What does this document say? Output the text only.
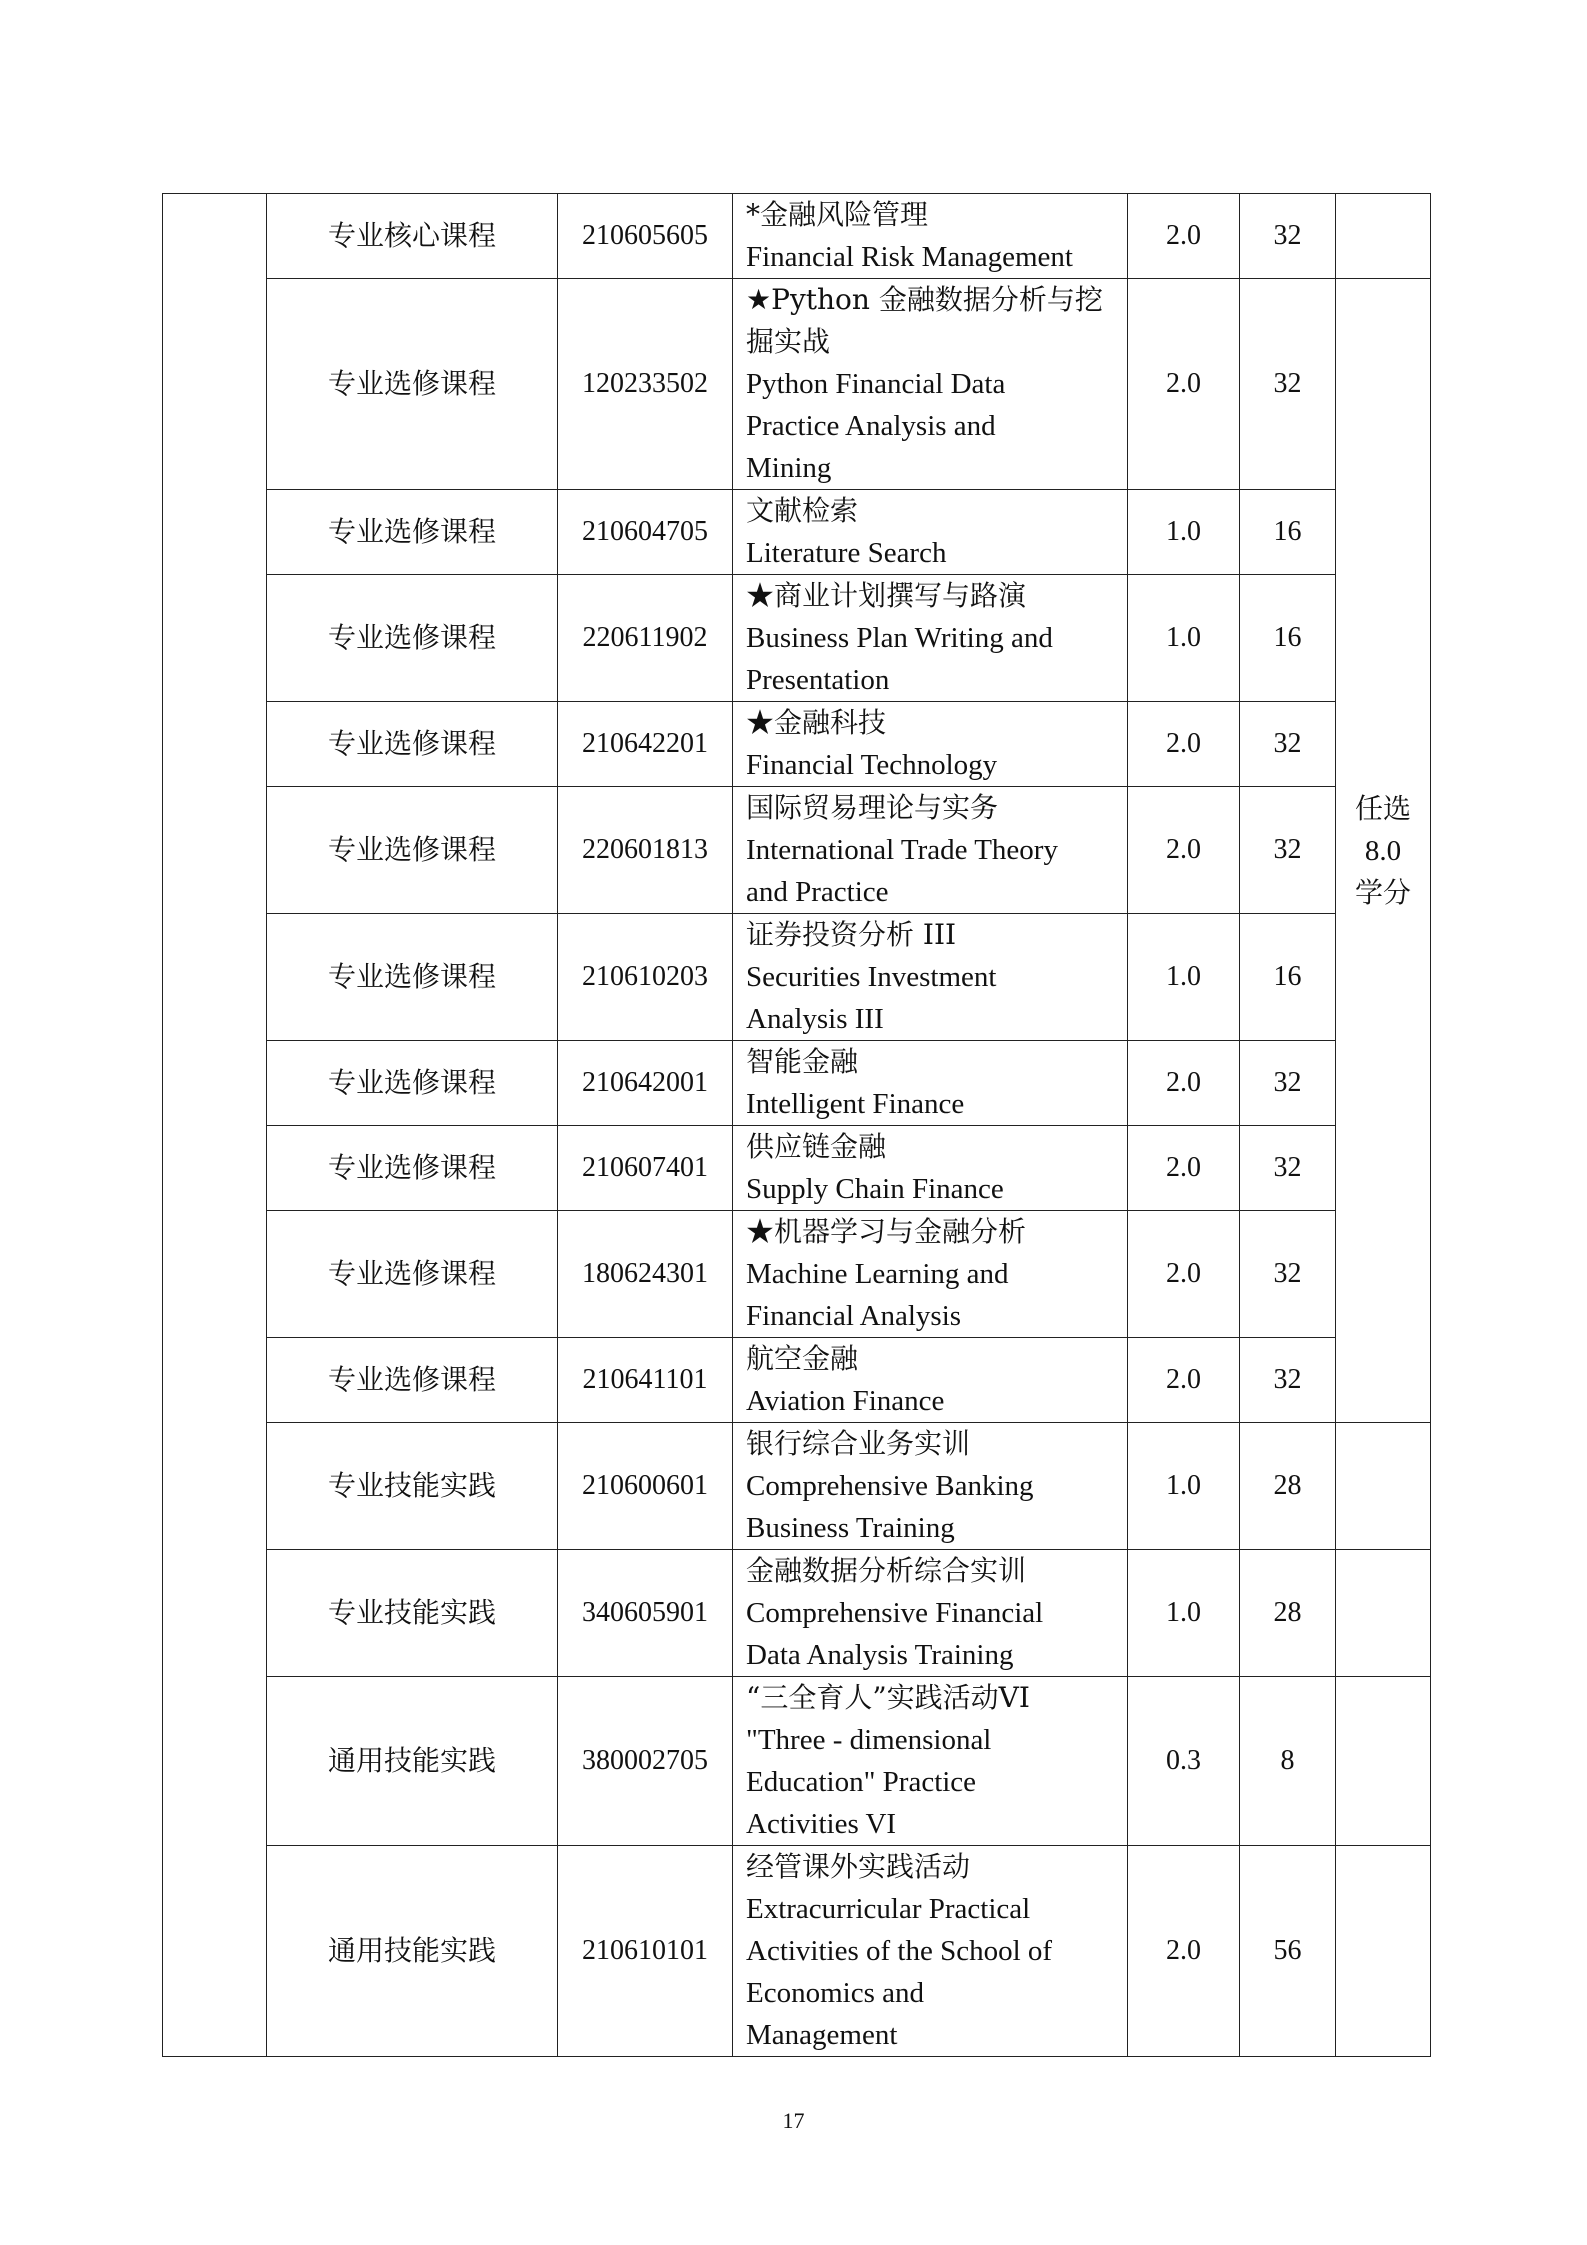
	专业核心课程	210605605	*金融风险管理
Financial Risk Management	2.0	32	
	专业选修课程	120233502	★Python 金融数据分析与挖掘实战
Python Financial Data
Practice Analysis and
Mining	2.0	32	任选
8.0
学分

	专业选修课程	210604705	文献检索
Literature Search	1.0	16	
	专业选修课程	220611902	★商业计划撰写与路演
Business Plan Writing and
Presentation	1.0	16	
	专业选修课程	210642201	★金融科技
Financial Technology	2.0	32	
	专业选修课程	220601813	国际贸易理论与实务
International Trade Theory
and Practice	2.0	32	
	专业选修课程	210610203	证券投资分析 III
Securities Investment
Analysis III	1.0	16	
	专业选修课程	210642001	智能金融
Intelligent Finance	2.0	32	
	专业选修课程	210607401	供应链金融
Supply Chain Finance	2.0	32	
	专业选修课程	180624301	★机器学习与金融分析
Machine Learning and
Financial Analysis	2.0	32	
	专业选修课程	210641101	航空金融
Aviation Finance	2.0	32	
	专业技能实践	210600601	银行综合业务实训
Comprehensive Banking
Business Training	1.0	28	
	专业技能实践	340605901	金融数据分析综合实训
Comprehensive Financial
Data Analysis Training	1.0	28	
	通用技能实践	380002705	“三全育人”实践活动VI
"Three - dimensional
Education" Practice
Activities VI	0.3	8	
	通用技能实践	210610101	经管课外实践活动
Extracurricular Practical
Activities of the School of
Economics and
Management	2.0	56	
17
